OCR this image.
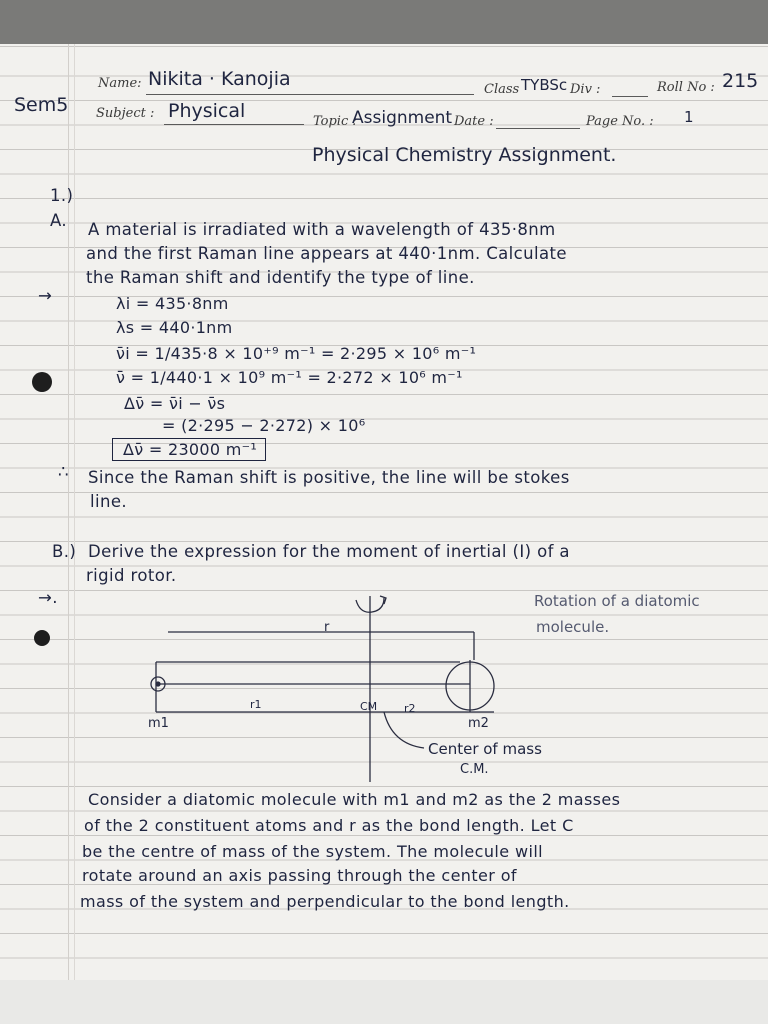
Sem5
Name: Nikita · Kanojia	Class TYBSc Div :	Roll No : 215
Subject : Physical	Topic :
Assignment Date :	Page No. : 1
Physical Chemistry Assignment.
1.)
A. A material is irradiated with a wavelength of 435·8nm
and the first Raman line appears at 440·1nm. Calculate
the Raman shift and identify the type of line.
→	λi = 435·8nm
λs = 440·1nm
ν̄i = 1/435·8 × 10⁺⁹ m⁻¹ = 2·295 × 10⁶ m⁻¹
ν̄ = 1/440·1 × 10⁹ m⁻¹ = 2·272 × 10⁶ m⁻¹
Δν̄ = ν̄i − ν̄s
= (2·295 − 2·272) × 10⁶
Δν̄ = 23000 m⁻¹
∴ Since the Raman shift is positive, the line will be stokes
line.
B.) Derive the expression for the moment of inertial (I) of a
rigid rotor.
→.	Rotation of a diatomic
molecule.
r
r1	CM r2
m1	m2
Center of mass
C.M.
Consider a diatomic molecule with m1 and m2 as the 2 masses
of the 2 constituent atoms and r as the bond length. Let C
be the centre of mass of the system. The molecule will
rotate around an axis passing through the center of
mass of the system and perpendicular to the bond length.
